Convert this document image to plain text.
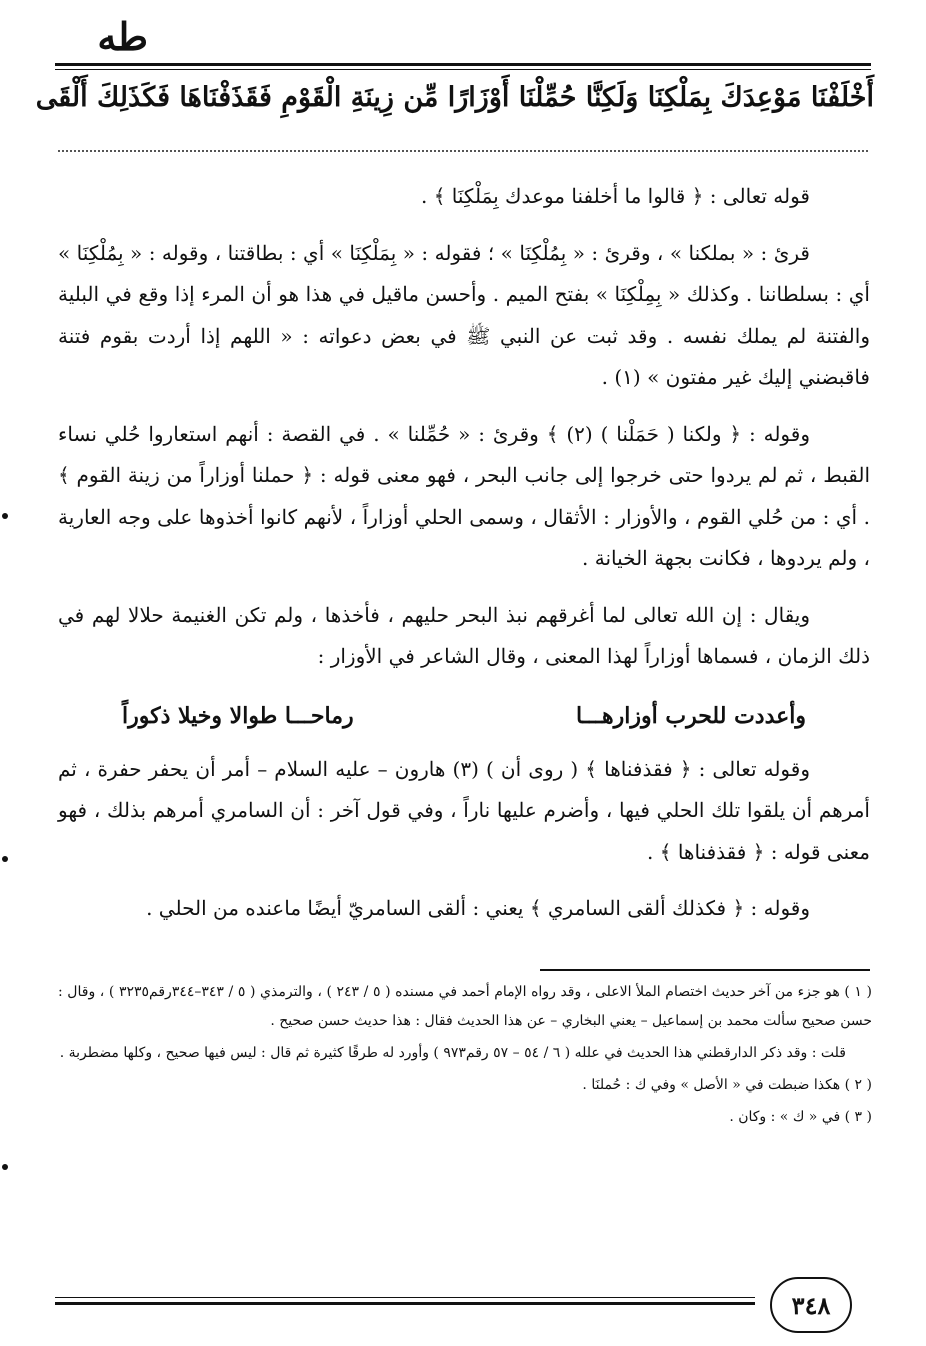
طه
أَخْلَفْنَا مَوْعِدَكَ بِمَلْكِنَا وَلَكِنَّا حُمِّلْنَا أَوْزَارًا مِّن زِينَةِ الْقَوْمِ فَقَذَفْنَاهَا فَكَذَلِكَ أَلْقَى

قوله تعالى : ﴿ قالوا ما أخلفنا موعدك بِمَلْكِنَا ﴾ .

قرئ : « بملكنا » ، وقرئ : « بِمُلْكِنَا » ؛ فقوله : « بِمَلْكِنَا » أي : بطاقتنا ، وقوله : « بِمُلْكِنَا » أي : بسلطاننا . وكذلك « بِمِلْكِنَا » بفتح الميم . وأحسن ماقيل في هذا هو أن المرء إذا وقع في البلية والفتنة لم يملك نفسه . وقد ثبت عن النبي ﷺ في بعض دعواته : « اللهم إذا أردت بقوم فتنة فاقبضني إليك غير مفتون » (١) .

وقوله : ﴿ ولكنا ( حَمَلْنا ) (٢) ﴾ وقرئ : « حُمِّلنا » . في القصة : أنهم استعاروا حُلي نساء القبط ، ثم لم يردوا حتى خرجوا إلى جانب البحر ، فهو معنى قوله : ﴿ حملنا أوزاراً من زينة القوم ﴾ . أي : من حُلي القوم ، والأوزار : الأثقال ، وسمى الحلي أوزاراً ، لأنهم كانوا أخذوها على وجه العارية ، ولم يردوها ، فكانت بجهة الخيانة .

ويقال : إن الله تعالى لما أغرقهم نبذ البحر حليهم ، فأخذها ، ولم تكن الغنيمة حلالا لهم في ذلك الزمان ، فسماها أوزاراً لهذا المعنى ، وقال الشاعر في الأوزار :

وأعددت للحرب أوزارهـــا
رماحـــا طوالا وخيلا ذكوراً

وقوله تعالى : ﴿ فقذفناها ﴾ ( روى أن ) (٣) هارون – عليه السلام – أمر أن يحفر حفرة ، ثم أمرهم أن يلقوا تلك الحلي فيها ، وأضرم عليها ناراً ، وفي قول آخر : أن السامري أمرهم بذلك ، فهو معنى قوله : ﴿ فقذفناها ﴾ .

وقوله : ﴿ فكذلك ألقى السامري ﴾ يعني : ألقى السامريّ أيضًا ماعنده من الحلي .

( ١ ) هو جزء من آخر حديث اختصام الملأ الاعلى ، وقد رواه الإمام أحمد في مسنده ( ٥ / ٢٤٣ ) ، والترمذي ( ٥ / ٣٤٣–٣٤٤رقم٣٢٣٥ ) ، وقال : حسن صحيح سألت محمد بن إسماعيل – يعني البخاري – عن هذا الحديث فقال : هذا حديث حسن صحيح .

قلت : وقد ذكر الدارقطني هذا الحديث في علله ( ٦ / ٥٤ – ٥٧ رقم٩٧٣ ) وأورد له طرقًا كثيرة ثم قال : ليس فيها صحيح ، وكلها مضطربة .

( ٢ ) هكذا ضبطت في « الأصل » وفي ك : حُملنَا .

( ٣ ) في « ك » : وكان .

٣٤٨
